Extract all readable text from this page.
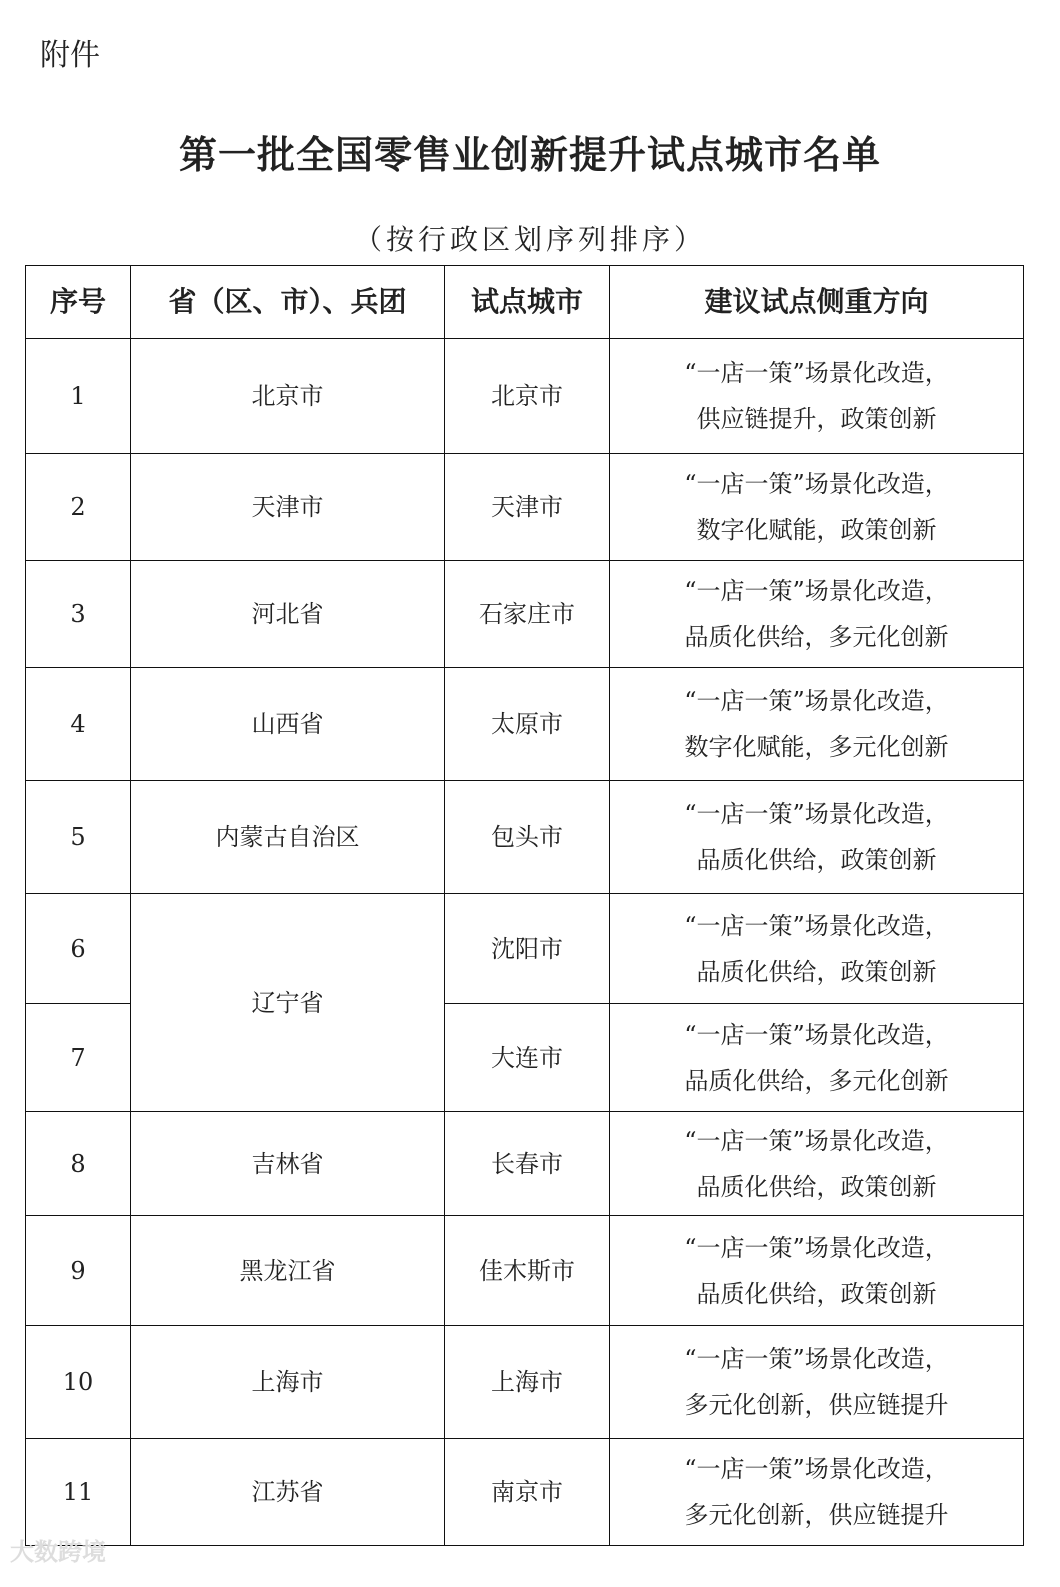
附件
第一批全国零售业创新提升试点城市名单
（按行政区划序列排序）
序号	省（区、市）、兵团	试点城市	建议试点侧重方向
1	北京市	北京市	“一店一策”场景化改造，
供应链提升，政策创新

2	天津市	天津市	“一店一策”场景化改造，
数字化赋能，政策创新

3	河北省	石家庄市	“一店一策”场景化改造，
品质化供给，多元化创新

4	山西省	太原市	“一店一策”场景化改造，
数字化赋能，多元化创新

5	内蒙古自治区	包头市	“一店一策”场景化改造，
品质化供给，政策创新

6	辽宁省	沈阳市	“一店一策”场景化改造，
品质化供给，政策创新

7		大连市	“一店一策”场景化改造，
品质化供给，多元化创新

8	吉林省	长春市	“一店一策”场景化改造，
品质化供给，政策创新

9	黑龙江省	佳木斯市	“一店一策”场景化改造，
品质化供给，政策创新

10	上海市	上海市	“一店一策”场景化改造，
多元化创新，供应链提升

11	江苏省	南京市	“一店一策”场景化改造，
多元化创新，供应链提升
大数跨境
